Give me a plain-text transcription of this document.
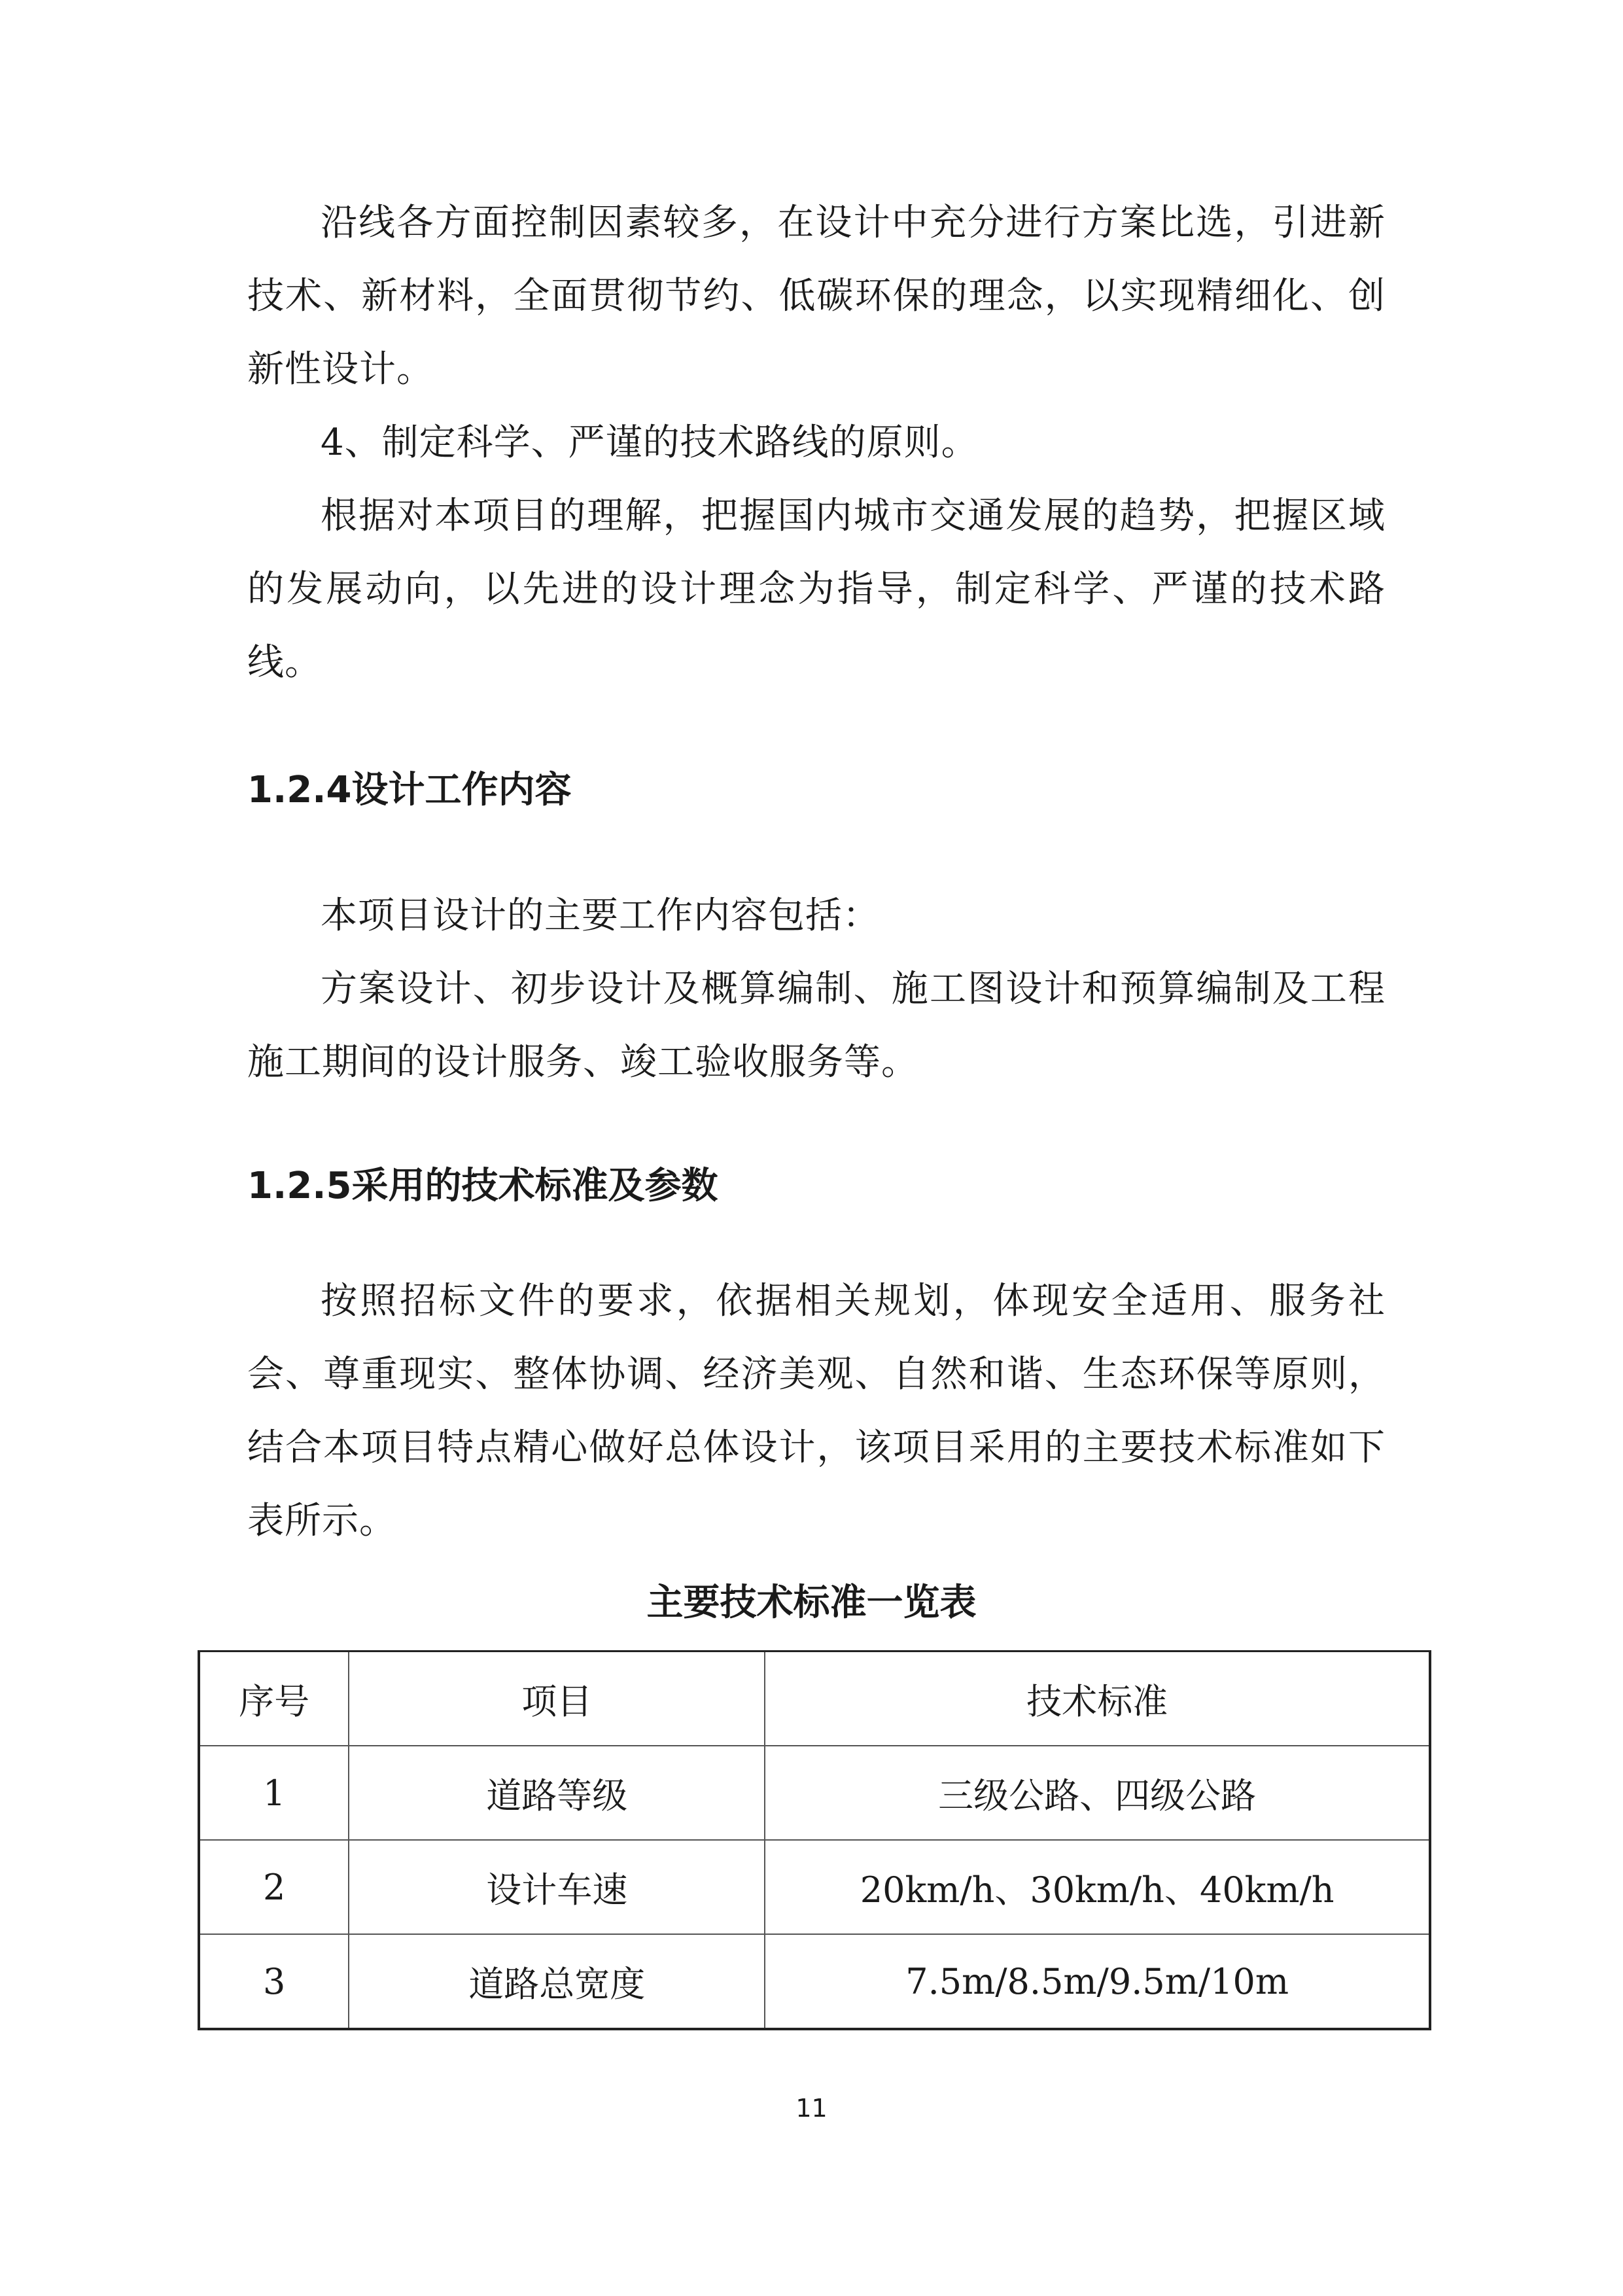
沿线各方面控制因素较多，在设计中充分进行方案比选，引进新技术、新材料，全面贯彻节约、低碳环保的理念，以实现精细化、创新性设计。

4、制定科学、严谨的技术路线的原则。

根据对本项目的理解，把握国内城市交通发展的趋势，把握区域的发展动向，以先进的设计理念为指导，制定科学、严谨的技术路线。

1.2.4设计工作内容

本项目设计的主要工作内容包括：

方案设计、初步设计及概算编制、施工图设计和预算编制及工程施工期间的设计服务、竣工验收服务等。

1.2.5采用的技术标准及参数

按照招标文件的要求，依据相关规划，体现安全适用、服务社会、尊重现实、整体协调、经济美观、自然和谐、生态环保等原则，结合本项目特点精心做好总体设计，该项目采用的主要技术标准如下表所示。

主要技术标准一览表

序号	项目	技术标准
1	道路等级	三级公路、四级公路
2	设计车速	20km/h、30km/h、40km/h
3	道路总宽度	7.5m/8.5m/9.5m/10m
11
